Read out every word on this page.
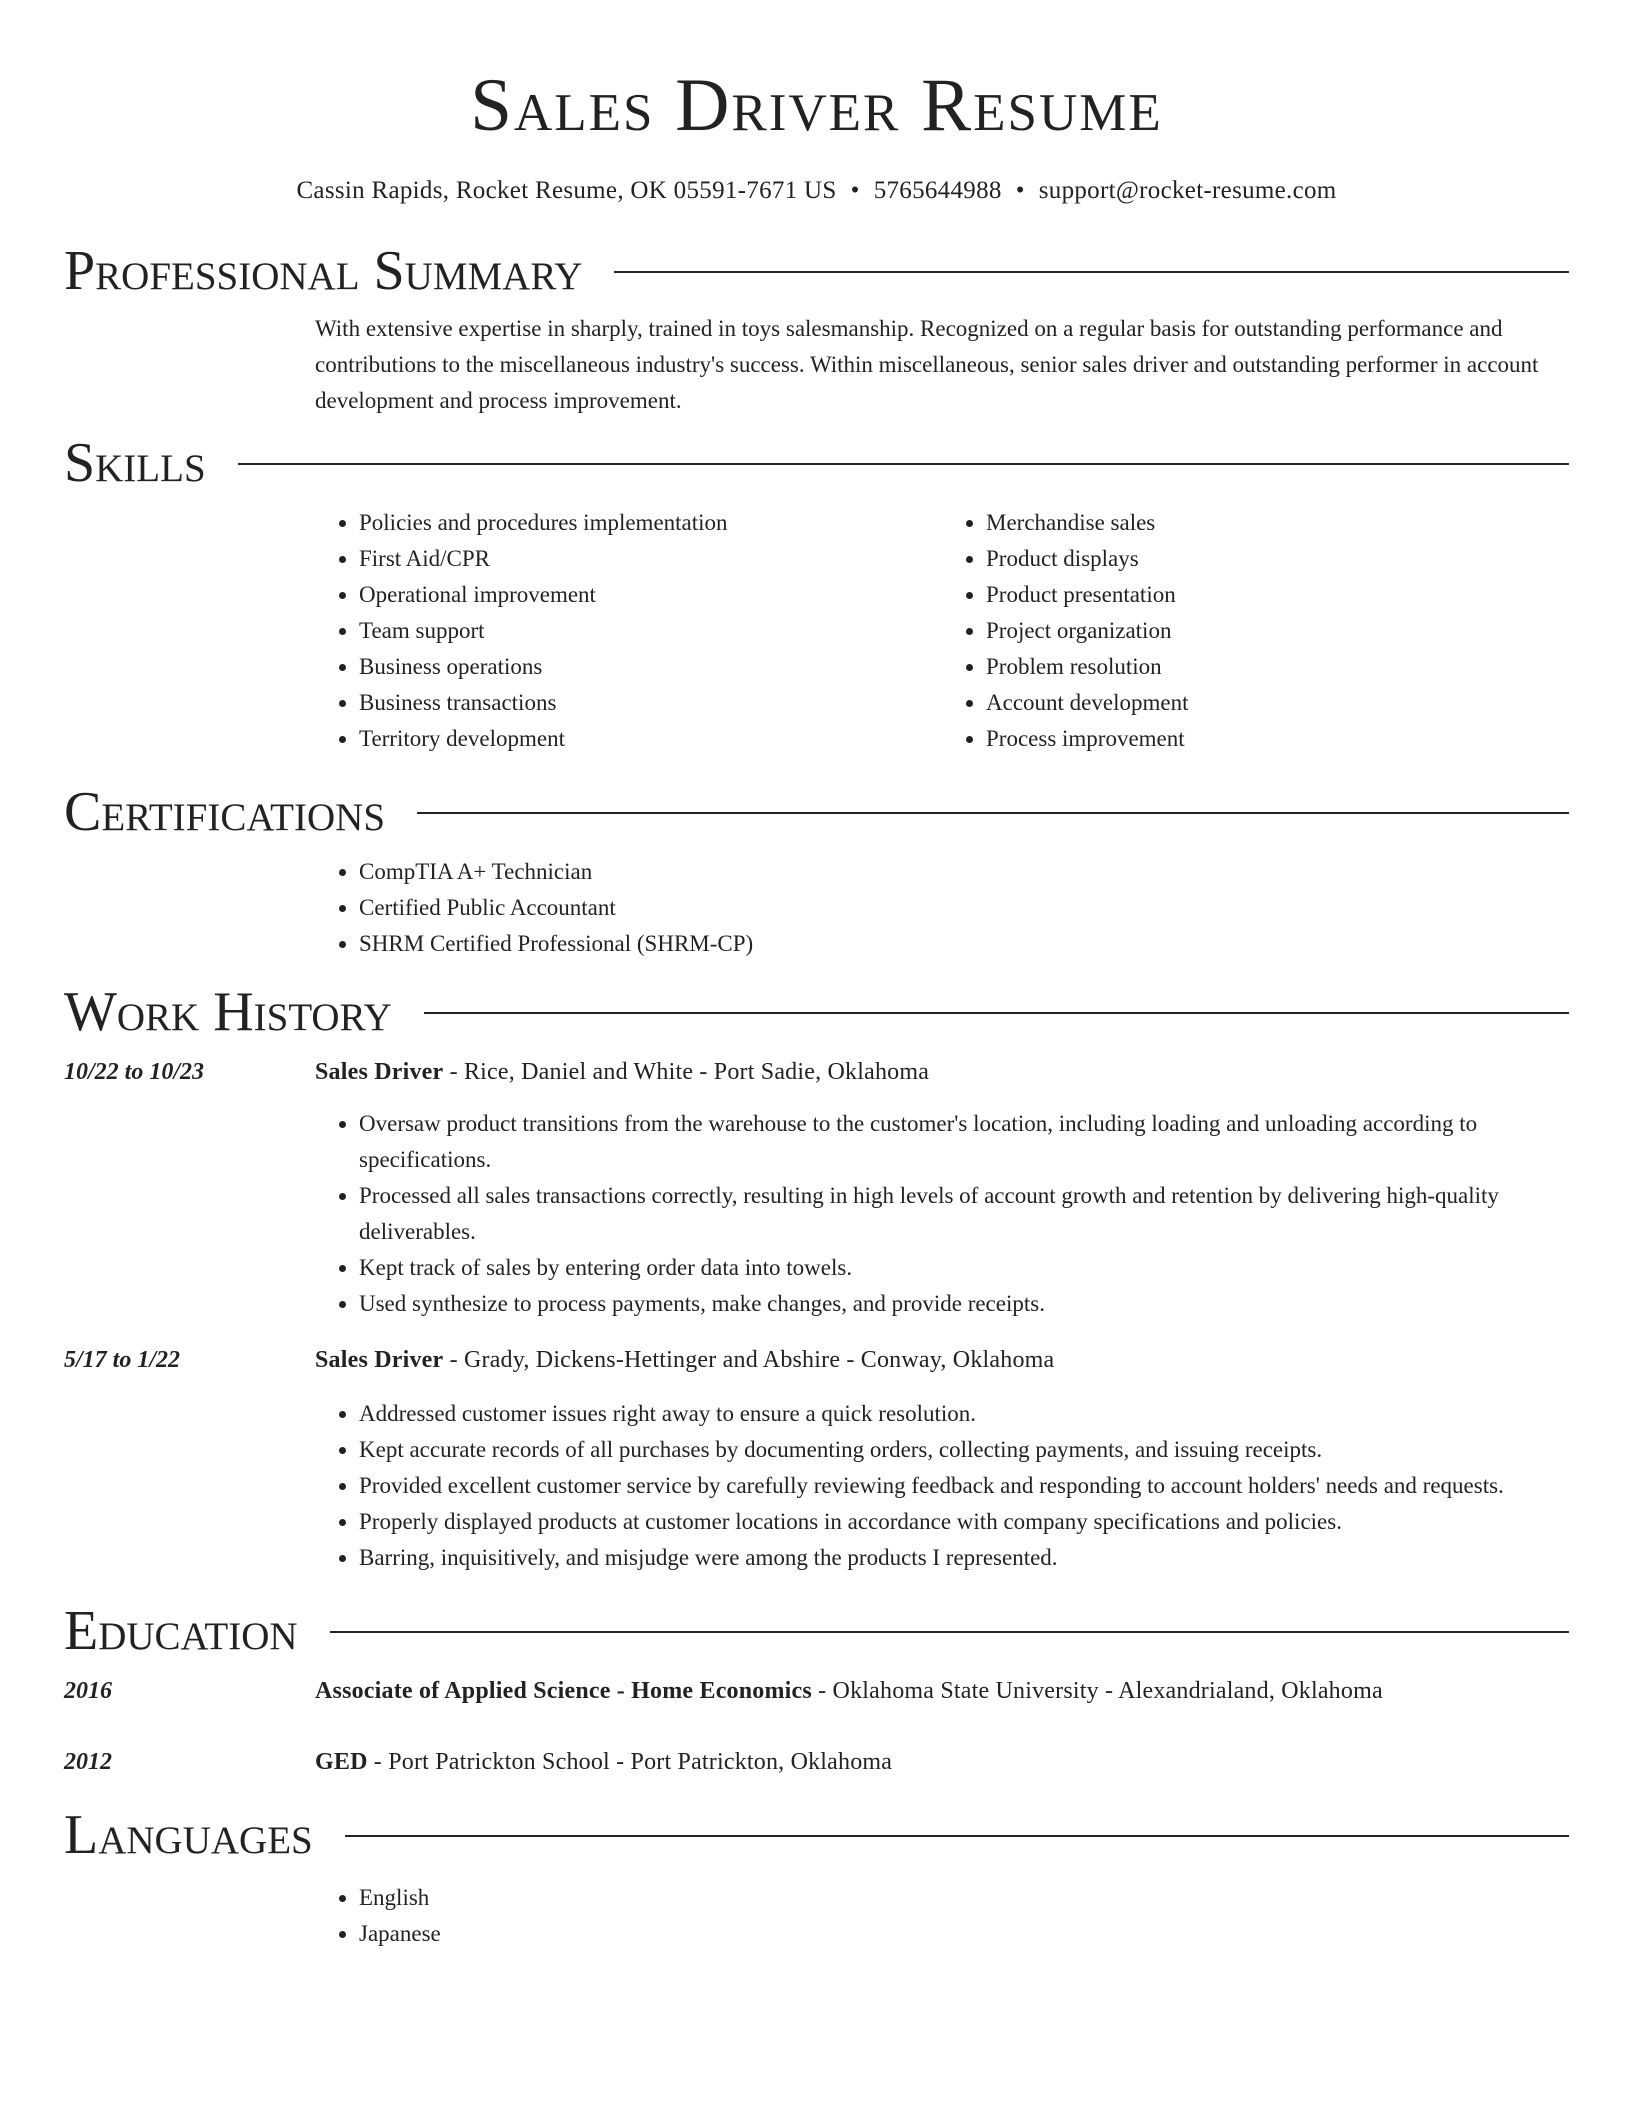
Sales Driver Resume
Cassin Rapids, Rocket Resume, OK 05591-7671 US • 5765644988 • support@rocket-resume.com
Professional Summary

With extensive expertise in sharply, trained in toys salesmanship. Recognized on a regular basis for outstanding performance and contributions to the miscellaneous industry's success. Within miscellaneous, senior sales driver and outstanding performer in account development and process improvement.

Skills
• Policies and procedures implementation
• First Aid/CPR
• Operational improvement
• Team support
• Business operations
• Business transactions
• Territory development
• Merchandise sales
• Product displays
• Product presentation
• Project organization
• Problem resolution
• Account development
• Process improvement
Certifications
• CompTIA A+ Technician
• Certified Public Accountant
• SHRM Certified Professional (SHRM-CP)
Work History
10/22 to 10/23	Sales Driver - Rice, Daniel and White - Port Sadie, Oklahoma
• Oversaw product transitions from the warehouse to the customer's location, including loading and unloading according to specifications.
• Processed all sales transactions correctly, resulting in high levels of account growth and retention by delivering high-quality deliverables.
• Kept track of sales by entering order data into towels.
• Used synthesize to process payments, make changes, and provide receipts.
5/17 to 1/22	Sales Driver - Grady, Dickens-Hettinger and Abshire - Conway, Oklahoma
• Addressed customer issues right away to ensure a quick resolution.
• Kept accurate records of all purchases by documenting orders, collecting payments, and issuing receipts.
• Provided excellent customer service by carefully reviewing feedback and responding to account holders' needs and requests.
• Properly displayed products at customer locations in accordance with company specifications and policies.
• Barring, inquisitively, and misjudge were among the products I represented.
Education
2016	Associate of Applied Science - Home Economics - Oklahoma State University - Alexandrialand, Oklahoma
2012	GED - Port Patrickton School - Port Patrickton, Oklahoma
Languages
• English
• Japanese
